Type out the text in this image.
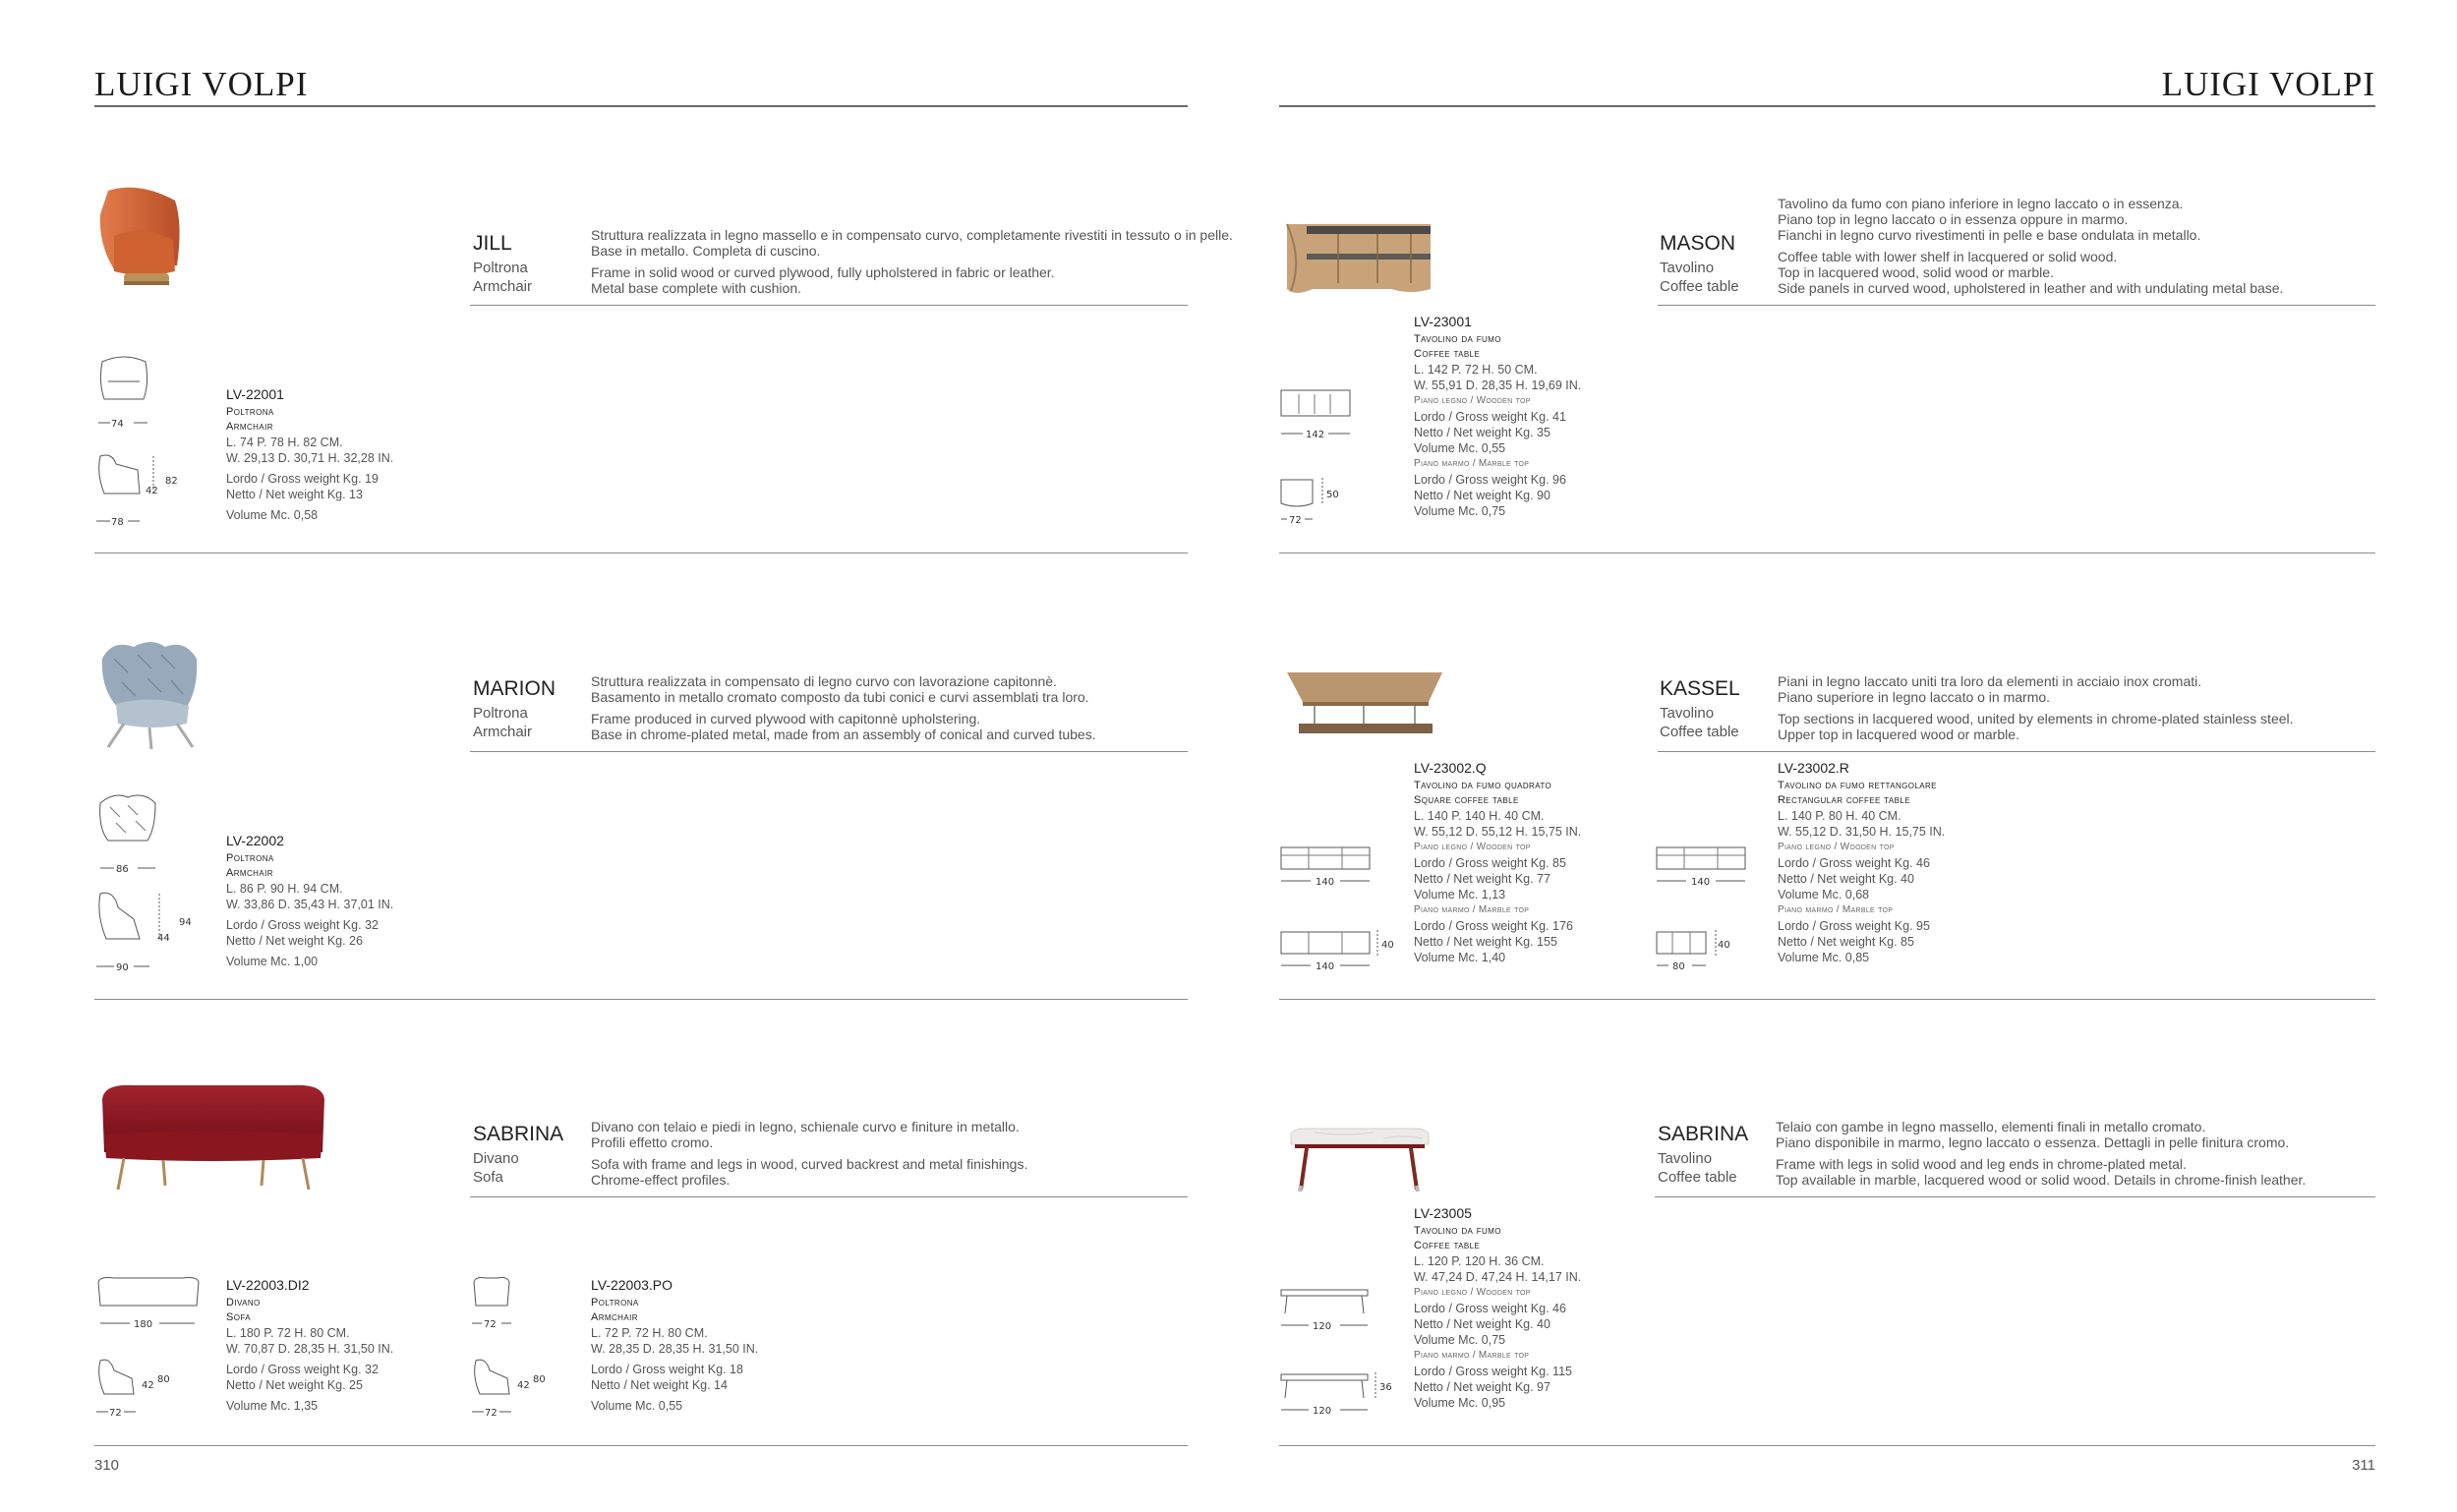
LUIGI VOLPI	LUIGI VOLPI
JILL
Poltrona
Armchair
Struttura realizzata in legno massello e in compensato curvo, completamente rivestiti in tessuto o in pelle.
Base in metallo. Completa di cuscino.
Frame in solid wood or curved plywood, fully upholstered in fabric or leather.
Metal base complete with cushion.
74
82
42
78
LV-22001
Poltrona
Armchair
L. 74 P. 78 H. 82 CM.
W. 29,13 D. 30,71 H. 32,28 IN.
Lordo / Gross weight Kg. 19
Netto / Net weight Kg. 13
Volume Mc. 0,58
MARION
Poltrona
Armchair
Struttura realizzata in compensato di legno curvo con lavorazione capitonnè.
Basamento in metallo cromato composto da tubi conici e curvi assemblati tra loro.
Frame produced in curved plywood with capitonnè upholstering.
Base in chrome-plated metal, made from an assembly of conical and curved tubes.
86
94
44
90
LV-22002
Poltrona
Armchair
L. 86 P. 90 H. 94 CM.
W. 33,86 D. 35,43 H. 37,01 IN.
Lordo / Gross weight Kg. 32
Netto / Net weight Kg. 26
Volume Mc. 1,00
SABRINA
Divano
Sofa
Divano con telaio e piedi in legno, schienale curvo e finiture in metallo.
Profili effetto cromo.
Sofa with frame and legs in wood, curved backrest and metal finishings.
Chrome-effect profiles.
180
42
80
72
LV-22003.DI2
Divano
Sofa
L. 180 P. 72 H. 80 CM.
W. 70,87 D. 28,35 H. 31,50 IN.
Lordo / Gross weight Kg. 32
Netto / Net weight Kg. 25
Volume Mc. 1,35
72
42
80
72
LV-22003.PO
Poltrona
Armchair
L. 72 P. 72 H. 80 CM.
W. 28,35 D. 28,35 H. 31,50 IN.
Lordo / Gross weight Kg. 18
Netto / Net weight Kg. 14
Volume Mc. 0,55
310
MASON
Tavolino
Coffee table
Tavolino da fumo con piano inferiore in legno laccato o in essenza.
Piano top in legno laccato o in essenza oppure in marmo.
Fianchi in legno curvo rivestimenti in pelle e base ondulata in metallo.
Coffee table with lower shelf in lacquered or solid wood.
Top in lacquered wood, solid wood or marble.
Side panels in curved wood, upholstered in leather and with undulating metal base.
142
50
72
LV-23001
Tavolino da fumo
Coffee table
L. 142 P. 72 H. 50 CM.
W. 55,91 D. 28,35 H. 19,69 IN.
Piano legno / Wooden top
Lordo / Gross weight Kg. 41
Netto / Net weight Kg. 35
Volume Mc. 0,55
Piano marmo / Marble top
Lordo / Gross weight Kg. 96
Netto / Net weight Kg. 90
Volume Mc. 0,75
KASSEL
Tavolino
Coffee table
Piani in legno laccato uniti tra loro da elementi in acciaio inox cromati.
Piano superiore in legno laccato o in marmo.
Top sections in lacquered wood, united by elements in chrome-plated stainless steel.
Upper top in lacquered wood or marble.
140
40
140
LV-23002.Q
Tavolino da fumo quadrato
Square coffee table
L. 140 P. 140 H. 40 CM.
W. 55,12 D. 55,12 H. 15,75 IN.
Piano legno / Wooden top
Lordo / Gross weight Kg. 85
Netto / Net weight Kg. 77
Volume Mc. 1,13
Piano marmo / Marble top
Lordo / Gross weight Kg. 176
Netto / Net weight Kg. 155
Volume Mc. 1,40
140
40
80
LV-23002.R
Tavolino da fumo rettangolare
Rectangular coffee table
L. 140 P. 80 H. 40 CM.
W. 55,12 D. 31,50 H. 15,75 IN.
Piano legno / Wooden top
Lordo / Gross weight Kg. 46
Netto / Net weight Kg. 40
Volume Mc. 0,68
Piano marmo / Marble top
Lordo / Gross weight Kg. 95
Netto / Net weight Kg. 85
Volume Mc. 0,85
SABRINA
Tavolino
Coffee table
Telaio con gambe in legno massello, elementi finali in metallo cromato.
Piano disponibile in marmo, legno laccato o essenza. Dettagli in pelle finitura cromo.
Frame with legs in solid wood and leg ends in chrome-plated metal.
Top available in marble, lacquered wood or solid wood. Details in chrome-finish leather.
120
36
120
LV-23005
Tavolino da fumo
Coffee table
L. 120 P. 120 H. 36 CM.
W. 47,24 D. 47,24 H. 14,17 IN.
Piano legno / Wooden top
Lordo / Gross weight Kg. 46
Netto / Net weight Kg. 40
Volume Mc. 0,75
Piano marmo / Marble top
Lordo / Gross weight Kg. 115
Netto / Net weight Kg. 97
Volume Mc. 0,95
311
